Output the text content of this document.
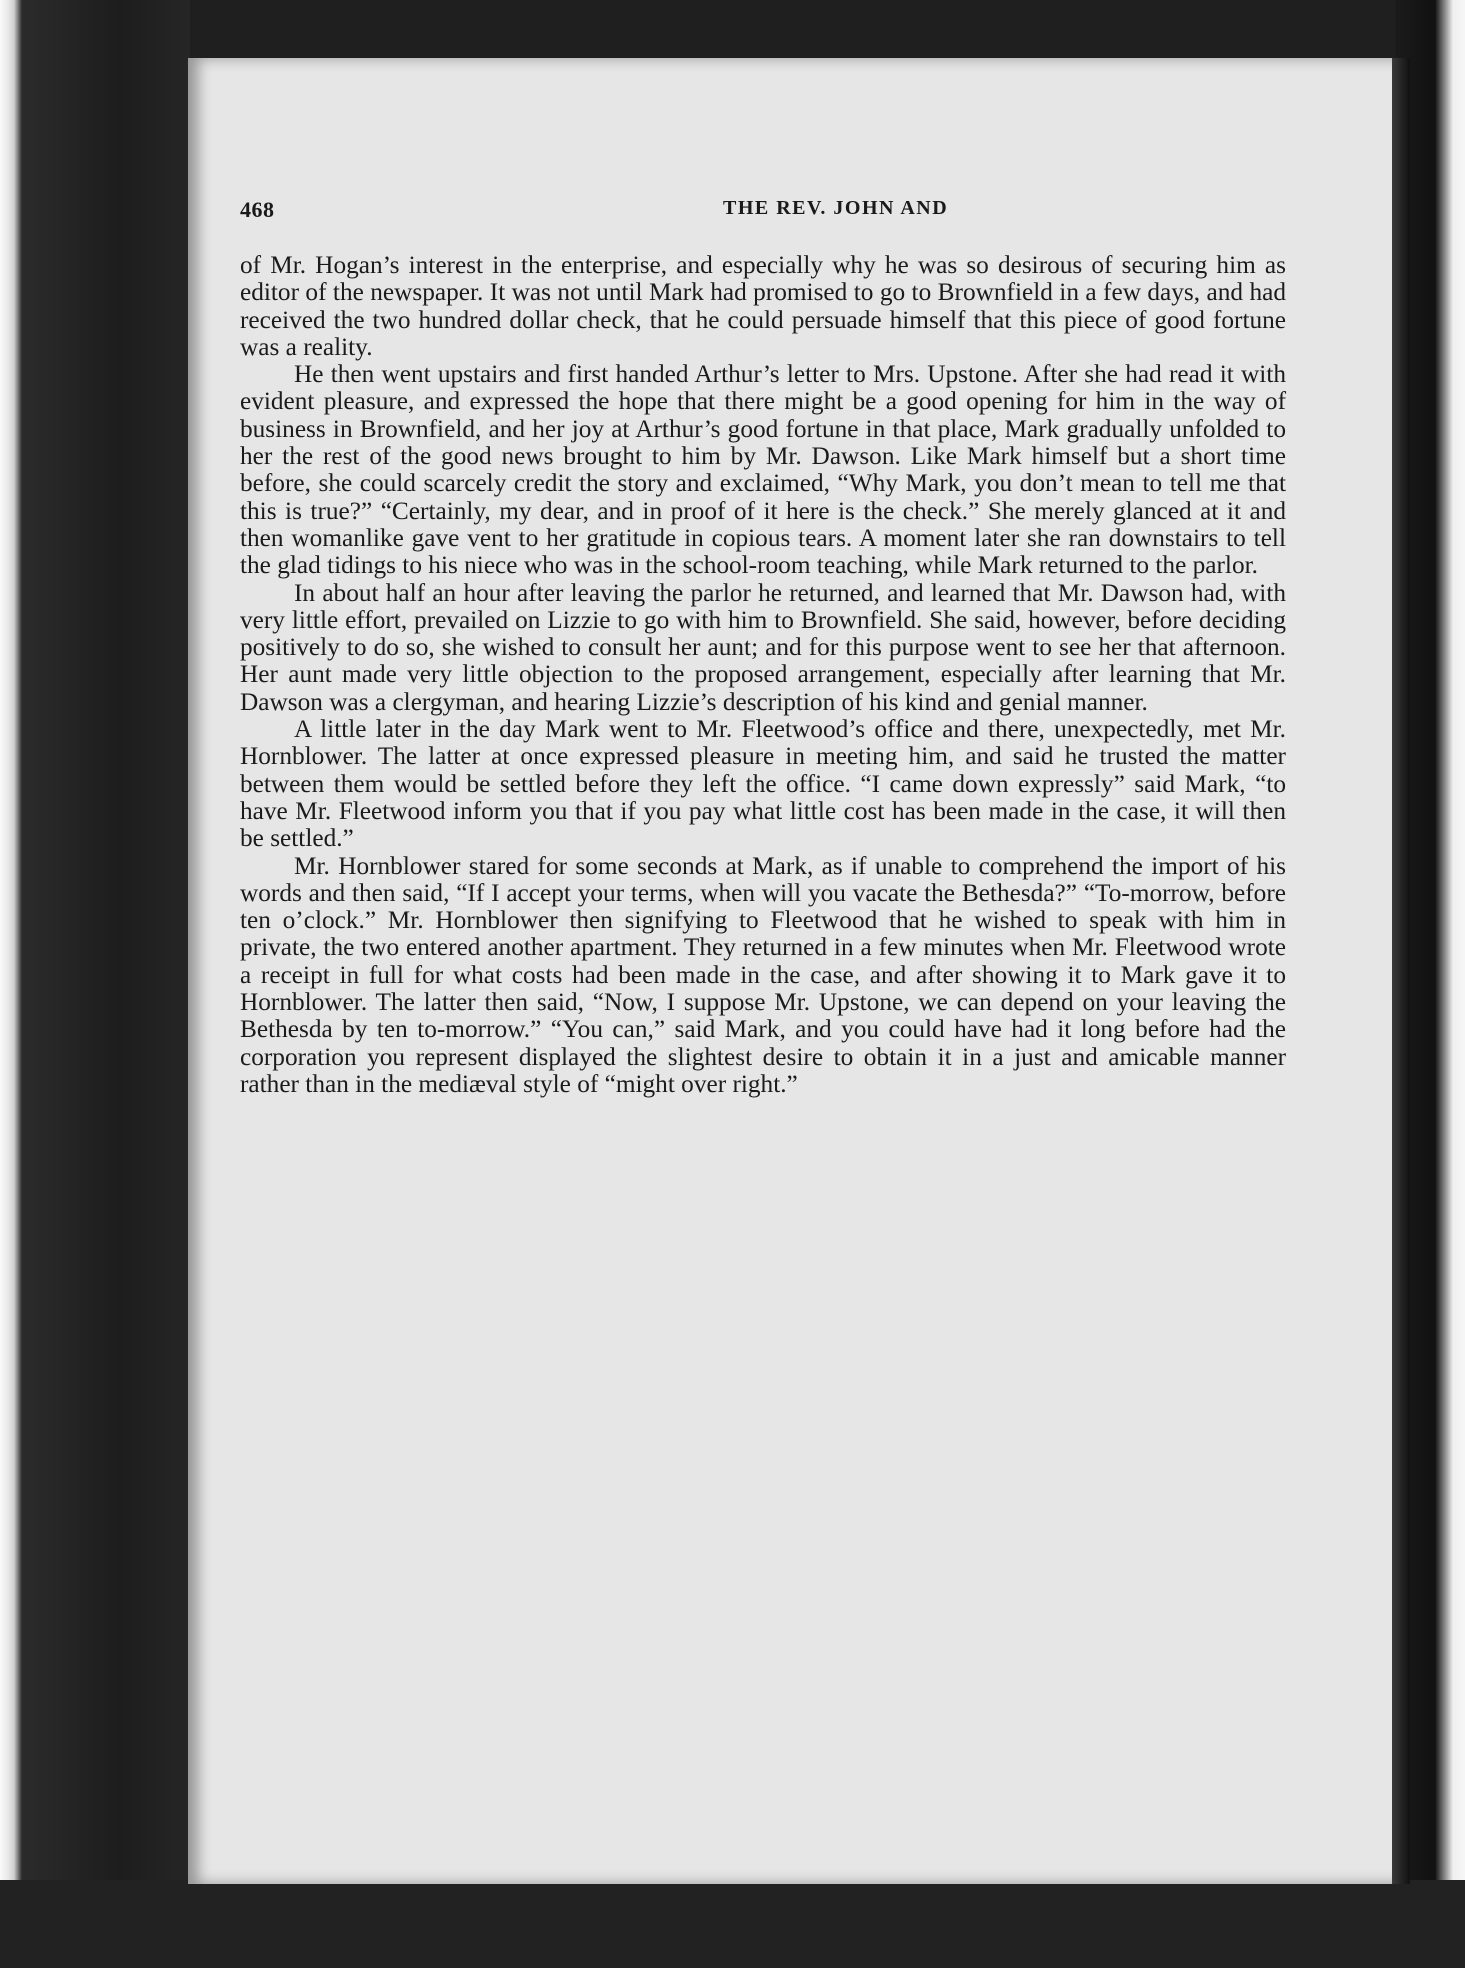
468	THE REV. JOHN AND

of Mr. Hogan’s interest in the enterprise, and especially why he was so desirous of securing him as editor of the newspaper. It was not until Mark had promised to go to Brownfield in a few days, and had received the two hundred dollar check, that he could persuade himself that this piece of good fortune was a reality.

He then went upstairs and first handed Arthur’s letter to Mrs. Upstone. After she had read it with evident pleasure, and expressed the hope that there might be a good opening for him in the way of business in Brownfield, and her joy at Arthur’s good fortune in that place, Mark gradually unfolded to her the rest of the good news brought to him by Mr. Dawson. Like Mark himself but a short time before, she could scarcely credit the story and exclaimed, “Why Mark, you don’t mean to tell me that this is true?” “Certainly, my dear, and in proof of it here is the check.” She merely glanced at it and then womanlike gave vent to her gratitude in copious tears. A moment later she ran downstairs to tell the glad tidings to his niece who was in the school-room teaching, while Mark returned to the parlor.

In about half an hour after leaving the parlor he returned, and learned that Mr. Dawson had, with very little effort, prevailed on Lizzie to go with him to Brownfield. She said, however, before deciding positively to do so, she wished to consult her aunt; and for this purpose went to see her that afternoon. Her aunt made very little objection to the proposed arrangement, especially after learning that Mr. Dawson was a clergyman, and hearing Lizzie’s description of his kind and genial manner.

A little later in the day Mark went to Mr. Fleetwood’s office and there, unexpectedly, met Mr. Hornblower. The latter at once expressed pleasure in meeting him, and said he trusted the matter between them would be settled before they left the office. “I came down expressly” said Mark, “to have Mr. Fleetwood inform you that if you pay what little cost has been made in the case, it will then be settled.”

Mr. Hornblower stared for some seconds at Mark, as if unable to comprehend the import of his words and then said, “If I accept your terms, when will you vacate the Bethesda?” “To-morrow, before ten o’clock.” Mr. Hornblower then signifying to Fleetwood that he wished to speak with him in private, the two entered another apartment. They returned in a few minutes when Mr. Fleetwood wrote a receipt in full for what costs had been made in the case, and after showing it to Mark gave it to Hornblower. The latter then said, “Now, I suppose Mr. Upstone, we can depend on your leaving the Bethesda by ten to-morrow.” “You can,” said Mark, and you could have had it long before had the corporation you represent displayed the slightest desire to obtain it in a just and amicable manner rather than in the mediæval style of “might over right.”
